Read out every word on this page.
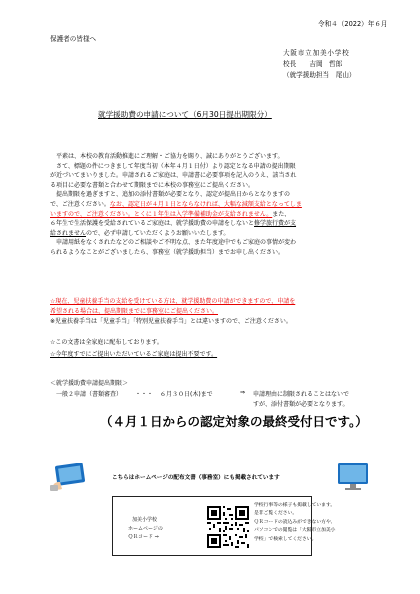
令和４（2022）年６月
保護者の皆様へ
大阪市立加美小学校
校長　　吉岡　哲郎
（就学援助担当　尾山）
就学援助費の申請について（6月30日提出期限分）

平素は、本校の教育活動推進にご理解・ご協力を賜り、誠にありがとうございます。

さて、標題の件につきまして年度当初（本年４月１日付）より認定となる申請の提出期限

が近づいてまいりました。申請されるご家庭は、申請書に必要事項を記入のうえ、該当され

る項目に必要な書類と合わせて期限までに本校の事務室にご提出ください。

提出期限を過ぎますと、追加の添付書類が必要となり、認定が提出日からとなりますの

で、ご注意ください。なお、認定日が４月１日とならなければ、大幅な減額支給となってしま

いますので、ご注意ください。とくに１年生は入学準備補助金が支給されません。また、

６年生で生活保護を受給されているご家庭は、就学援助費の申請をしないと修学旅行費が支

給されませんので、必ず申請していただくようお願いいたします。

申請用紙をなくされたなどのご相談やご不明な点、また年度途中でもご家庭の事情が変わ

られるようなことがございましたら、事務室（就学援助担当）までお申し出ください。

☆現在、児童扶養手当の支給を受けている方は、就学援助費の申請ができますので、申請を
希望される場合は、提出期限までに事務室にご提出ください。
※児童扶養手当は「児童手当」「特別児童扶養手当」とは違いますので、ご注意ください。
☆この文書は全家庭に配布しております。
☆今年度すでにご提出いただいているご家庭は提出不要です。
＜就学援助費申請提出期限＞
一般２申請（書類審査） ・・・ ６月３０日(木)まで	⇒ 申請理由に制限されることはないで
すが、添付書類が必要となります。
（４月１日からの認定対象の最終受付日です。）
こちらはホームページの配布文書（事務室）にも掲載されています
加美小学校
ホームページの
ＱＲコード ⇒
学校行事等の様子も掲載しています。
是非ご覧ください。
ＱＲコードの読込みができない方や、
パソコンでの閲覧は「大阪市立加美小
学校」で検索してください。
